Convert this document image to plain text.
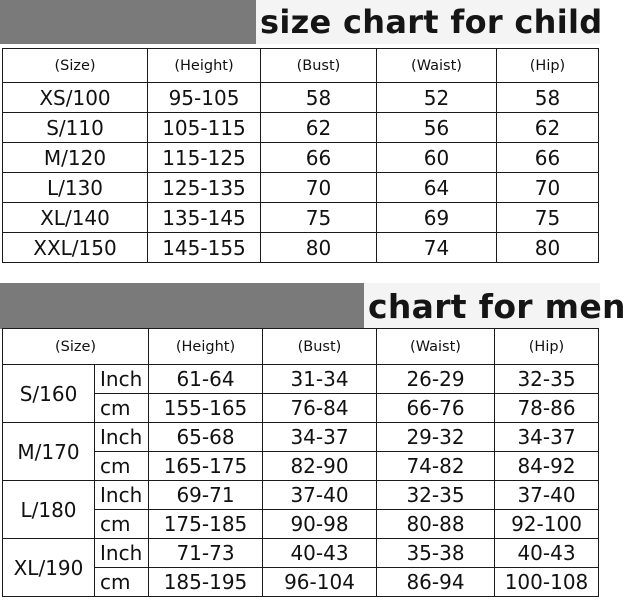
size chart for child
(Size)	(Height)	(Bust)	(Waist)	(Hip)
XS/100	95-105	58	52	58
S/110	105-115	62	56	62
M/120	115-125	66	60	66
L/130	125-135	70	64	70
XL/140	135-145	75	69	75
XXL/150	145-155	80	74	80
chart for men
(Size)		(Height)	(Bust)	(Waist)	(Hip)
S/160	Inch	61-64	31-34	26-29	32-35
	cm	155-165	76-84	66-76	78-86
M/170	Inch	65-68	34-37	29-32	34-37
	cm	165-175	82-90	74-82	84-92
L/180	Inch	69-71	37-40	32-35	37-40
	cm	175-185	90-98	80-88	92-100
XL/190	Inch	71-73	40-43	35-38	40-43
	cm	185-195	96-104	86-94	100-108
